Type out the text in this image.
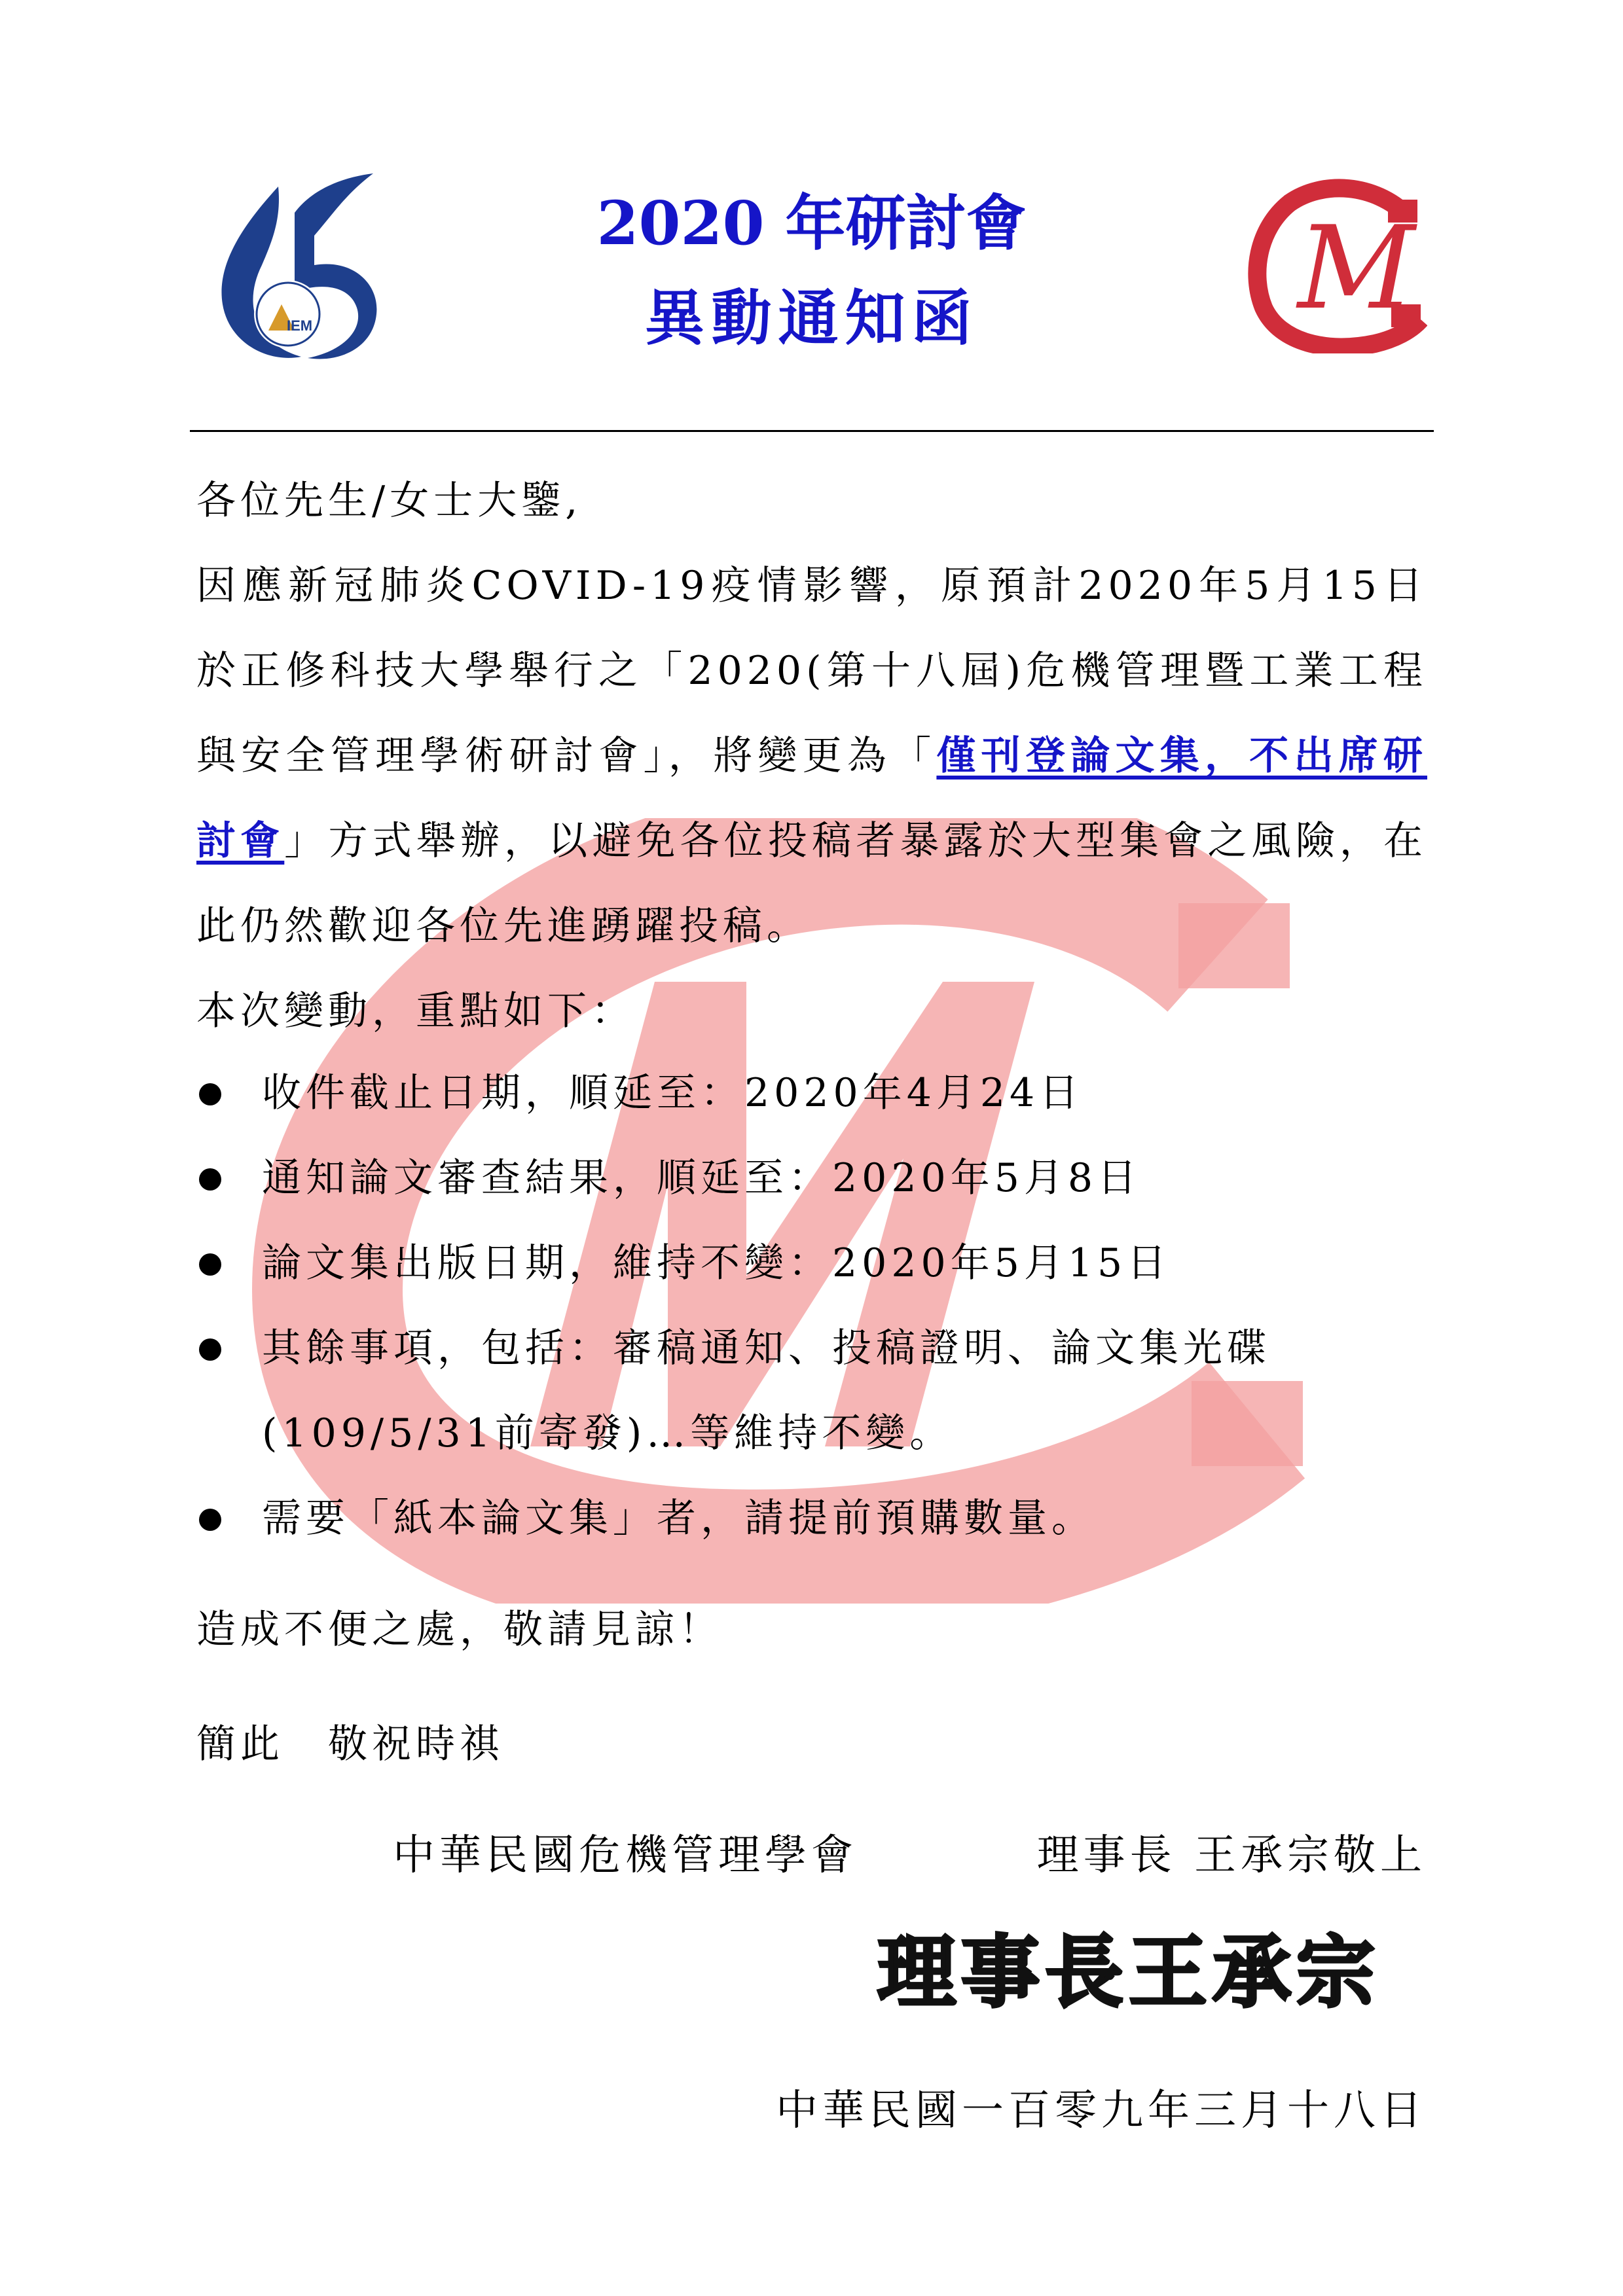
IEM
2020 年研討會
異動通知函	M
各位先生/女士大鑒,
因應新冠肺炎COVID-19疫情影響，原預計2020年5月15日於正修科技大學舉行之「2020(第十八屆)危機管理暨工業工程與安全管理學術研討會」，將變更為「僅刊登論文集，不出席研討會」方式舉辦，以避免各位投稿者暴露於大型集會之風險，在此仍然歡迎各位先進踴躍投稿。
本次變動，重點如下：
收件截止日期，順延至：2020年4月24日
通知論文審查結果，順延至：2020年5月8日
論文集出版日期，維持不變：2020年5月15日
其餘事項，包括：審稿通知、投稿證明、論文集光碟(109/5/31前寄發)…等維持不變。
需要「紙本論文集」者，請提前預購數量。
造成不便之處，敬請見諒！
簡此　敬祝時祺
中華民國危機管理學會	理事長 王承宗敬上
理事長王承宗
中華民國一百零九年三月十八日
